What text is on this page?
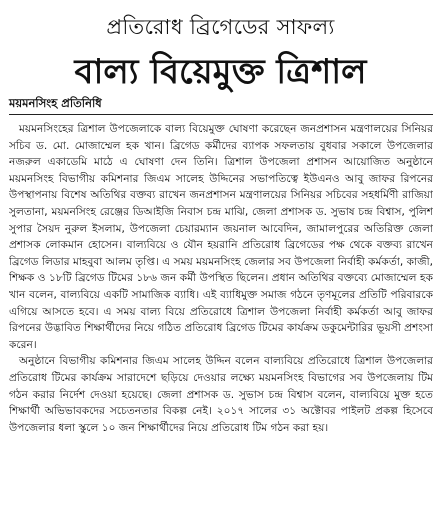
প্রতিরোধ ব্রিগেডের সাফল্য
বাল্য বিয়েমুক্ত ত্রিশাল
ময়মনসিংহ প্রতিনিধি

ময়মনসিংহের ত্রিশাল উপজেলাকে বাল্য বিয়েমুক্ত ঘোষণা করেছেন জনপ্রশাসন মন্ত্রণালয়ের সিনিয়র সচিব ড. মো. মোজাম্মেল হক খান। ব্রিগেড কর্মীদের ব্যাপক সফলতায় বুধবার সকালে উপজেলার নজরুল একাডেমি মাঠে এ ঘোষণা দেন তিনি। ত্রিশাল উপজেলা প্রশাসন আয়োজিত অনুষ্ঠানে ময়মনসিংহ বিভাগীয় কমিশনার জিএম সালেহ উদ্দিনের সভাপতিত্বে ইউএনও আবু জাফর রিপনের উপস্থাপনায় বিশেষ অতিথির বক্তব্য রাখেন জনপ্রশাসন মন্ত্রণালয়ের সিনিয়র সচিবের সহধর্মিণী রাজিয়া সুলতানা, ময়মনসিংহ রেঞ্জের ডিআইজি নিবাস চন্দ্র মাঝি, জেলা প্রশাসক ড. সুভাষ চন্দ্র বিশ্বাস, পুলিশ সুপার সৈয়দ নুরুল ইসলাম, উপজেলা চেয়ারম্যান জয়নাল আবেদিন, জামালপুরের অতিরিক্ত জেলা প্রশাসক লোকমান হোসেন। বাল্যবিয়ে ও যৌন হয়রানি প্রতিরোধ ব্রিগেডের পক্ষ থেকে বক্তব্য রাখেন ব্রিগেড লিডার মাহবুবা আলম তৃপ্তি। এ সময় ময়মনসিংহ জেলার সব উপজেলা নির্বাহী কর্মকর্তা, কাজী, শিক্ষক ও ১৮টি ব্রিগেড টিমের ১৮৬ জন কর্মী উপস্থিত ছিলেন। প্রধান অতিথির বক্তব্যে মোজাম্মেল হক খান বলেন, বাল্যবিয়ে একটি সামাজিক ব্যাধি। এই ব্যাধিমুক্ত সমাজ গঠনে তৃণমূলের প্রতিটি পরিবারকে এগিয়ে আসতে হবে। এ সময় বাল্য বিয়ে প্রতিরোধে ত্রিশাল উপজেলা নির্বাহী কর্মকর্তা আবু জাফর রিপনের উদ্ভাবিত শিক্ষার্থীদের নিয়ে গঠিত প্রতিরোধ ব্রিগেড টিমের কার্যক্রম ডকুমেন্টারির ভূয়সী প্রশংসা করেন।

অনুষ্ঠানে বিভাগীয় কমিশনার জিএম সালেহ উদ্দিন বলেন বাল্যবিয়ে প্রতিরোধে ত্রিশাল উপজেলার প্রতিরোধ টিমের কার্যক্রম সারাদেশে ছড়িয়ে দেওয়ার লক্ষ্যে ময়মনসিংহ বিভাগের সব উপজেলায় টিম গঠন করার নির্দেশ দেওয়া হয়েছে। জেলা প্রশাসক ড. সুভাস চন্দ্র বিশ্বাস বলেন, বাল্যবিয়ে মুক্ত হতে শিক্ষার্থী অভিভাবকদের সচেতনতার বিকল্প নেই। ২০১৭ সালের ৩১ অক্টোবর পাইলট প্রকল্প হিসেবে উপজেলার ধলা স্কুলে ১০ জন শিক্ষার্থীদের নিয়ে প্রতিরোধ টিম গঠন করা হয়।
